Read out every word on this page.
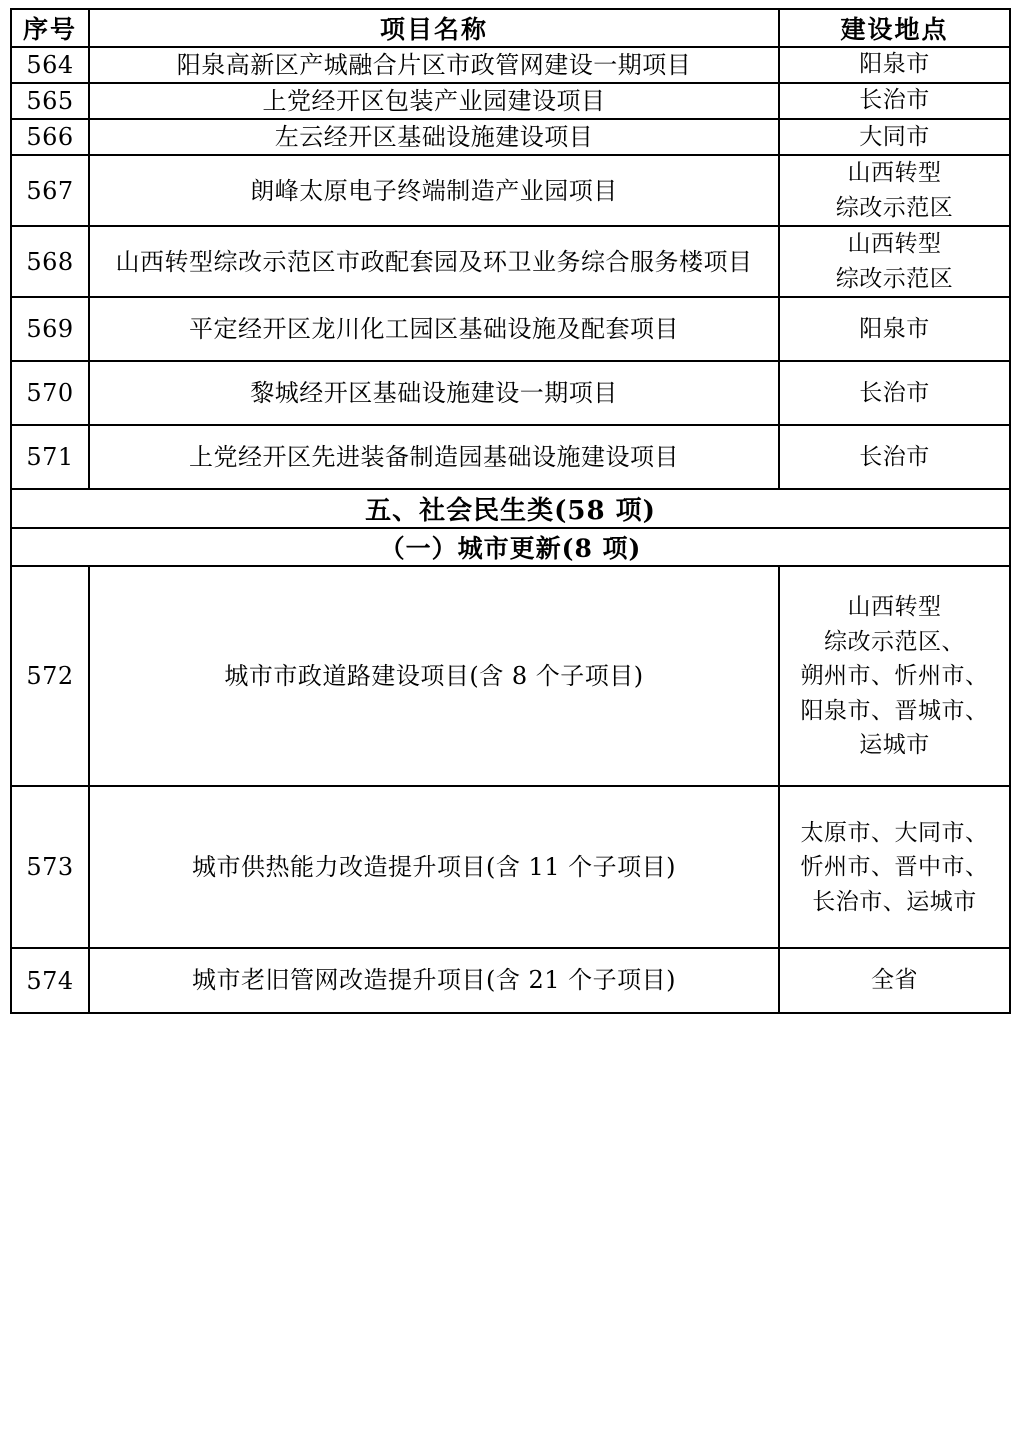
序号	项目名称	建设地点
564	阳泉高新区产城融合片区市政管网建设一期项目	阳泉市
565	上党经开区包装产业园建设项目	长治市
566	左云经开区基础设施建设项目	大同市
567	朗峰太原电子终端制造产业园项目	山西转型
综改示范区
568	山西转型综改示范区市政配套园及环卫业务综合服务楼项目	山西转型
综改示范区
569	平定经开区龙川化工园区基础设施及配套项目	阳泉市
570	黎城经开区基础设施建设一期项目	长治市
571	上党经开区先进装备制造园基础设施建设项目	长治市
五、社会民生类(58 项)		
（一）城市更新(8 项)		
572	城市市政道路建设项目(含 8 个子项目)	山西转型
综改示范区、
朔州市、忻州市、
阳泉市、晋城市、
运城市
573	城市供热能力改造提升项目(含 11 个子项目)	太原市、大同市、
忻州市、晋中市、
长治市、运城市
574	城市老旧管网改造提升项目(含 21 个子项目)	全省
